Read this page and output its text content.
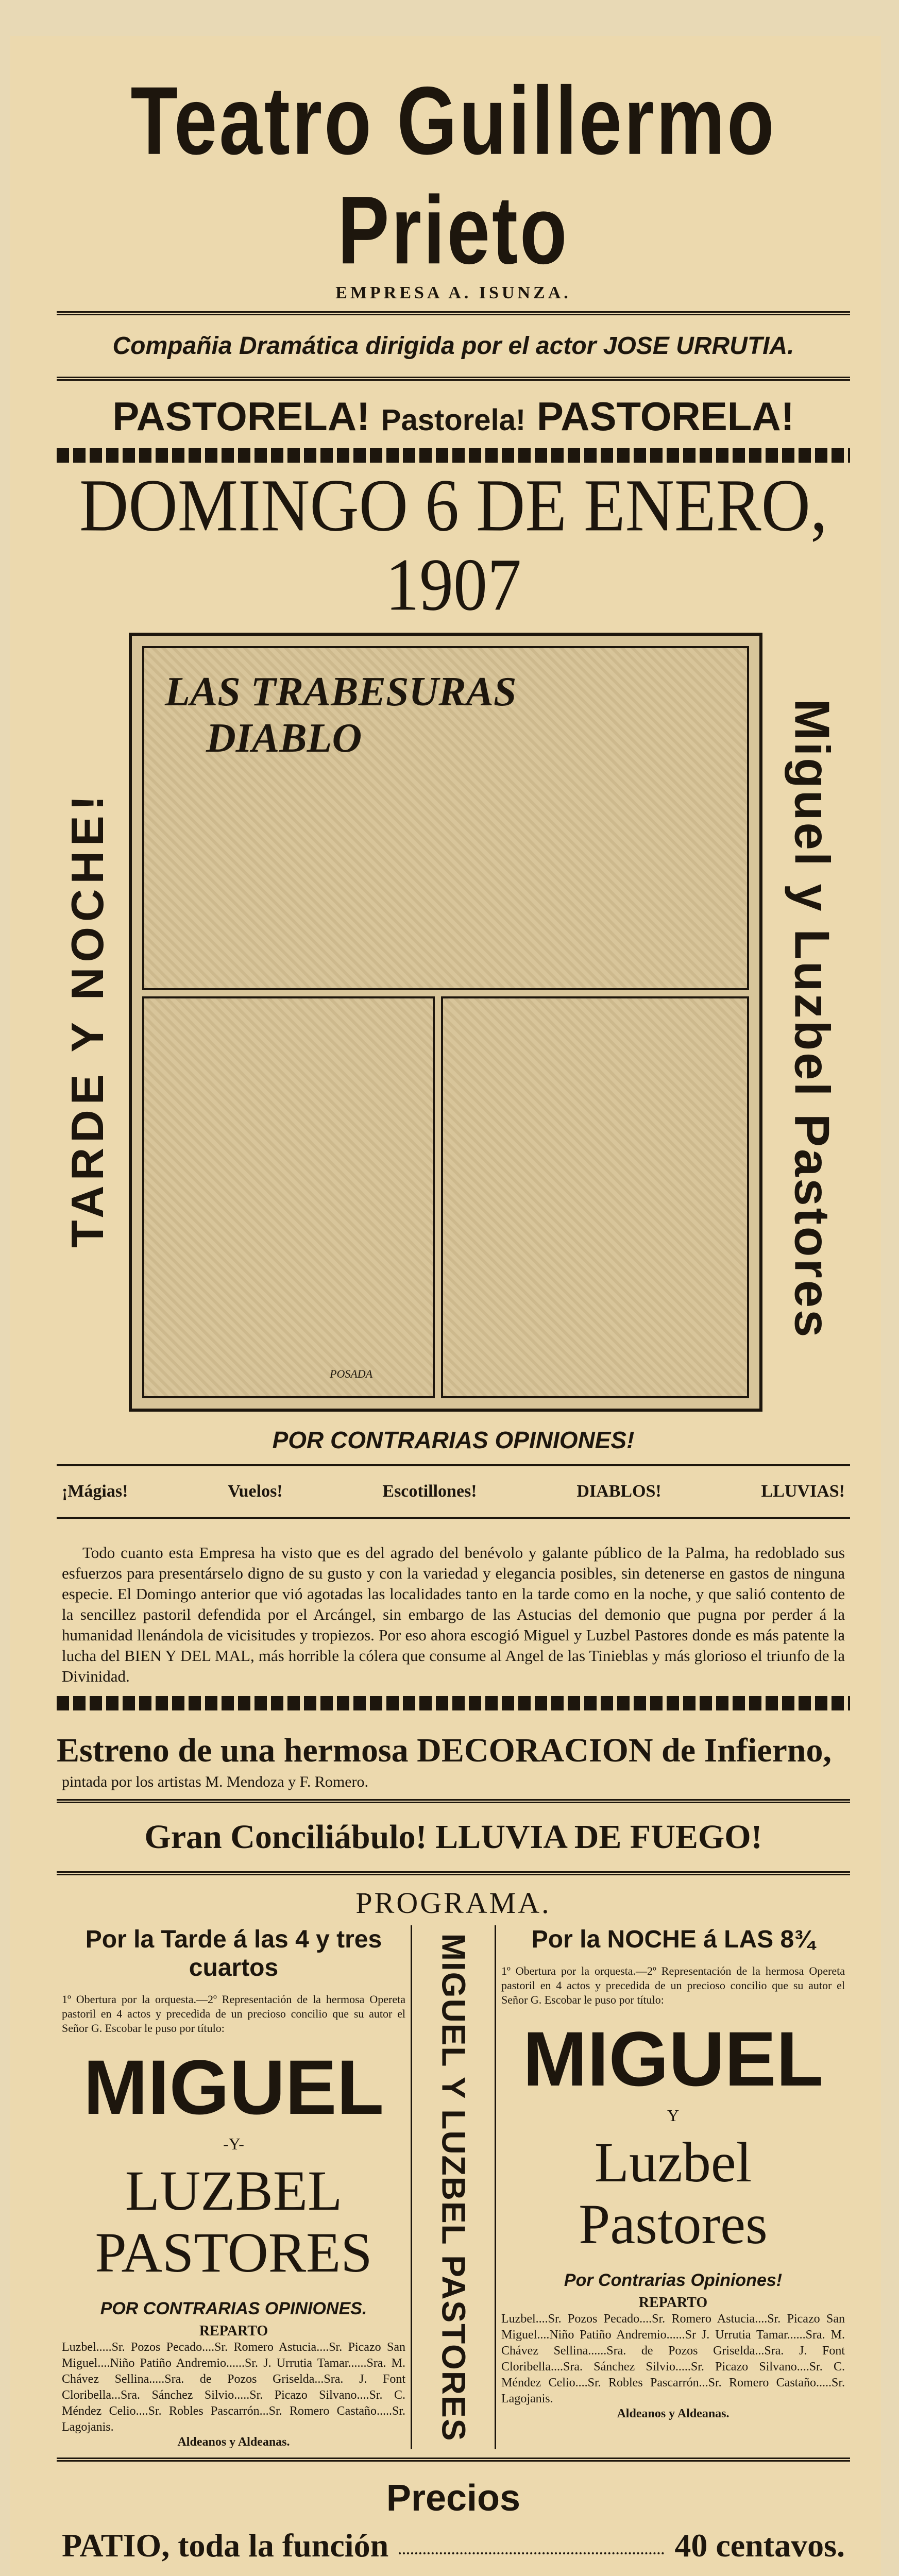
Teatro Guillermo Prieto
EMPRESA A. ISUNZA.
Compañia Dramática dirigida por el actor JOSE URRUTIA.
PASTORELA! Pastorela! PASTORELA!
DOMINGO 6 DE ENERO, 1907
TARDE Y NOCHE!
LAS TRABESURAS
DIABLO
POSADA
Miguel y Luzbel Pastores
POR CONTRARIAS OPINIONES!
¡Mágias!	Vuelos!	Escotillones!	DIABLOS!	LLUVIAS!

Todo cuanto esta Empresa ha visto que es del agrado del benévolo y galante público de la Palma, ha redoblado sus esfuerzos para presentárselo digno de su gusto y con la variedad y elegancia posibles, sin detenerse en gastos de ninguna especie. El Domingo anterior que vió agotadas las localidades tanto en la tarde como en la noche, y que salió contento de la sencillez pastoril defendida por el Arcángel, sin embargo de las Astucias del demonio que pugna por perder á la humanidad llenándola de vicisitudes y tropiezos. Por eso ahora escogió Miguel y Luzbel Pastores donde es más patente la lucha del BIEN Y DEL MAL, más horrible la cólera que consume al Angel de las Tinieblas y más glorioso el triunfo de la Divinidad.

Estreno de una hermosa DECORACION de Infierno,
pintada por los artistas M. Mendoza y F. Romero.
Gran Conciliábulo! LLUVIA DE FUEGO!
PROGRAMA.
Por la Tarde á las 4 y tres cuartos
1º Obertura por la orquesta.—2º Representación de la hermosa Opereta pastoril en 4 actos y precedida de un precioso concilio que su autor el Señor G. Escobar le puso por título:
MIGUEL
-Y-
LUZBEL PASTORES
POR CONTRARIAS OPINIONES.
REPARTO
Luzbel.....Sr. Pozos Pecado....Sr. Romero Astucia....Sr. Picazo San Miguel....Niño Patiño Andremio......Sr. J. Urrutia Tamar......Sra. M. Chávez Sellina.....Sra. de Pozos Griselda...Sra. J. Font Cloribella...Sra. Sánchez Silvio.....Sr. Picazo Silvano....Sr. C. Méndez Celio....Sr. Robles Pascarrón...Sr. Romero Castaño.....Sr. Lagojanis.
Aldeanos y Aldeanas.
MIGUEL Y LUZBEL PASTORES	Por la NOCHE á LAS 8¾
1º Obertura por la orquesta.—2º Representación de la hermosa Opereta pastoril en 4 actos y precedida de un precioso concilio que su autor el Señor G. Escobar le puso por título:
MIGUEL
Y
Luzbel Pastores
Por Contrarias Opiniones!
REPARTO
Luzbel....Sr. Pozos Pecado....Sr. Romero Astucia....Sr. Picazo San Miguel....Niño Patiño Andremio......Sr J. Urrutia Tamar......Sra. M. Chávez Sellina......Sra. de Pozos Griselda...Sra. J. Font Cloribella....Sra. Sánchez Silvio.....Sr. Picazo Silvano....Sr. C. Méndez Celio....Sr. Robles Pascarrón...Sr. Romero Castaño.....Sr. Lagojanis.
Aldeanos y Aldeanas.
Precios
PATIO, toda la función	40 centavos.
